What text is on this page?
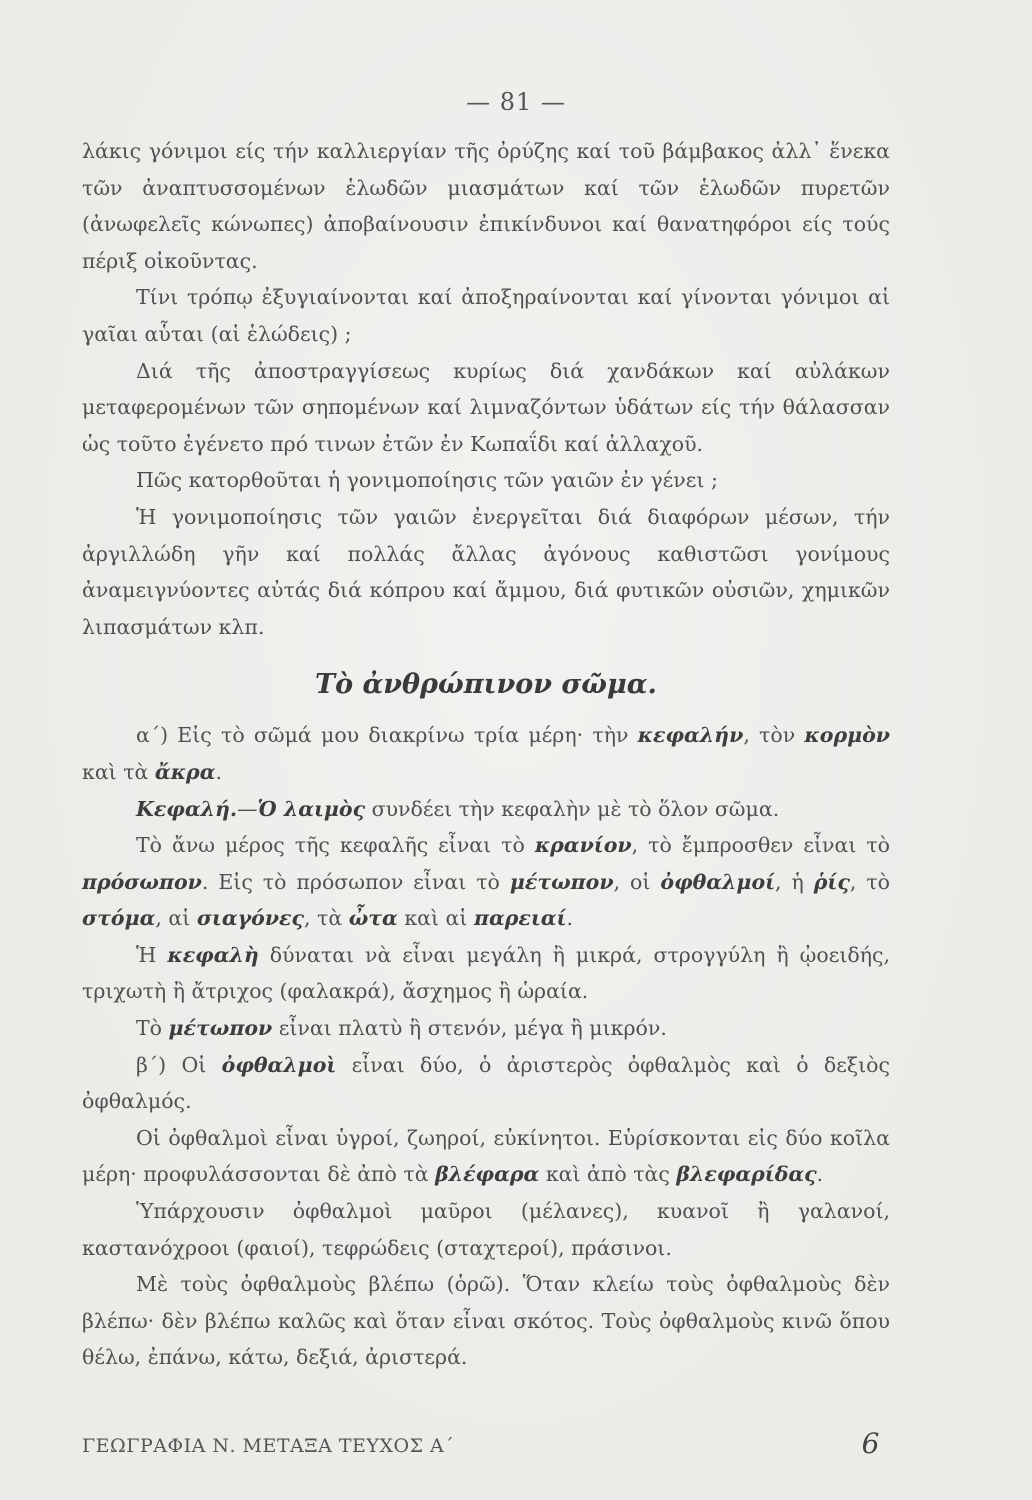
— 81 —

λάκις γόνιμοι είς τήν καλλιεργίαν τῆς ὀρύζης καί τοῦ βάμβακος ἀλλ᾿ ἕνεκα τῶν ἀναπτυσσομένων ἑλωδῶν μιασμάτων καί τῶν ἑλωδῶν πυρετῶν (ἀνωφελεῖς κώνωπες) ἀποβαίνουσιν ἐπικίνδυνοι καί θανατηφόροι είς τούς πέριξ οἰκοῦντας.

Τίνι τρόπῳ ἐξυγιαίνονται καί ἀποξηραίνονται καί γίνονται γόνιμοι αἱ γαῖαι αὗται (αἱ ἑλώδεις) ;

Διά τῆς ἀποστραγγίσεως κυρίως διά χανδάκων καί αὐλάκων μεταφερομένων τῶν σηπομένων καί λιμναζόντων ὑδάτων είς τήν θάλασσαν ὡς τοῦτο ἐγένετο πρό τινων ἐτῶν ἐν Κωπαΐδι καί ἀλλαχοῦ.

Πῶς κατορθοῦται ἡ γονιμοποίησις τῶν γαιῶν ἐν γένει ;

Ἡ γονιμοποίησις τῶν γαιῶν ἐνεργεῖται διά διαφόρων μέσων, τήν ἀργιλλώδη γῆν καί πολλάς ἄλλας ἀγόνους καθιστῶσι γονίμους ἀναμειγνύοντες αὐτάς διά κόπρου καί ἄμμου, διά φυτικῶν οὐσιῶν, χημικῶν λιπασμάτων κλπ.

Τὸ ἀνθρώπινον σῶμα.

α΄) Εἰς τὸ σῶμά μου διακρίνω τρία μέρη· τὴν κεφαλήν, τὸν κορμὸν καὶ τὰ ἄκρα.

Κεφαλή.—Ὁ λαιμὸς συνδέει τὴν κεφαλὴν μὲ τὸ ὅλον σῶμα.

Τὸ ἄνω μέρος τῆς κεφαλῆς εἶναι τὸ κρανίον, τὸ ἔμπροσθεν εἶναι τὸ πρόσωπον. Εἰς τὸ πρόσωπον εἶναι τὸ μέτωπον, οἱ ὀφθαλμοί, ἡ ῥίς, τὸ στόμα, αἱ σιαγόνες, τὰ ὦτα καὶ αἱ παρειαί.

Ἡ κεφαλὴ δύναται νὰ εἶναι μεγάλη ἢ μικρά, στρογγύλη ἢ ᾠοειδής, τριχωτὴ ἢ ἄτριχος (φαλακρά), ἄσχημος ἢ ὡραία.

Τὸ μέτωπον εἶναι πλατὺ ἢ στενόν, μέγα ἢ μικρόν.

β΄) Οἱ ὀφθαλμοὶ εἶναι δύο, ὁ ἀριστερὸς ὀφθαλμὸς καὶ ὁ δεξιὸς ὀφθαλμός.

Οἱ ὀφθαλμοὶ εἶναι ὑγροί, ζωηροί, εὐκίνητοι. Εὑρίσκονται εἰς δύο κοῖλα μέρη· προφυλάσσονται δὲ ἀπὸ τὰ βλέφαρα καὶ ἀπὸ τὰς βλεφαρίδας.

Ὑπάρχουσιν ὀφθαλμοὶ μαῦροι (μέλανες), κυανοῖ ἢ γαλανοί, καστανόχροοι (φαιοί), τεφρώδεις (σταχτεροί), πράσινοι.

Μὲ τοὺς ὀφθαλμοὺς βλέπω (ὁρῶ). Ὅταν κλείω τοὺς ὀφθαλμοὺς δὲν βλέπω· δὲν βλέπω καλῶς καὶ ὅταν εἶναι σκότος. Τοὺς ὀφθαλμοὺς κινῶ ὅπου θέλω, ἐπάνω, κάτω, δεξιά, ἀριστερά.

ΓΕΩΓΡΑΦΙΑ Ν. ΜΕΤΑΞΑ ΤΕΥΧΟΣ Α΄	6
